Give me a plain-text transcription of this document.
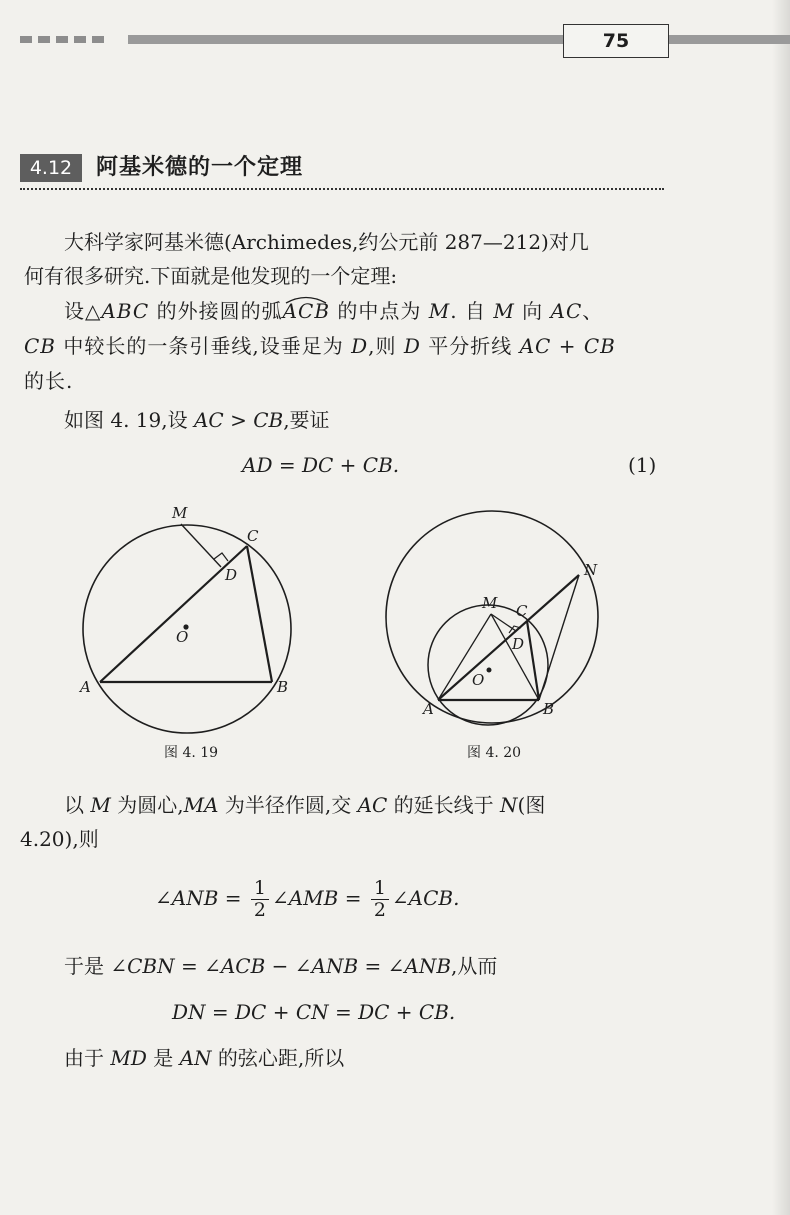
75
4.12	阿基米德的一个定理
大科学家阿基米德(Archimedes,约公元前 287—212)对几
何有很多研究.下面就是他发现的一个定理:
设△ABC 的外接圆的弧
ACB 的中点为 M. 自 M 向 AC、
CB 中较长的一条引垂线,设垂足为 D,则 D 平分折线 AC + CB
的长.
如图 4. 19,设 AC > CB,要证
AD = DC + CB.	(1)
M
C
D
O
A	B
图 4. 19
N
M C
D
O
A	B
图 4. 20
以 M 为圆心,MA 为半径作圆,交 AC 的延长线于 N(图
4.20),则
∠ANB = $\frac{1}{2}$ ∠AMB = $\frac{1}{2}$ ∠ACB.
于是 ∠CBN = ∠ACB − ∠ANB = ∠ANB,从而
DN = DC + CN = DC + CB.
由于 MD 是 AN 的弦心距,所以
